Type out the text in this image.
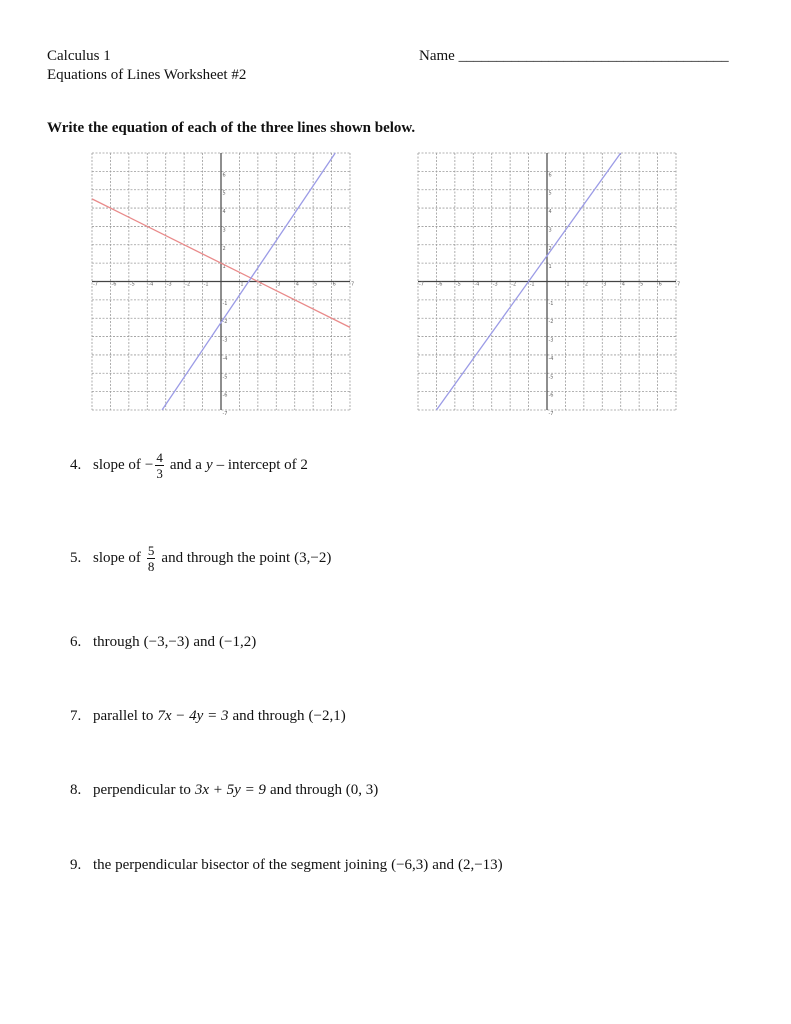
Calculus 1
Equations of Lines Worksheet #2
Name ____________________________________
Write the equation of each of the three lines shown below.
-7	-6	-5	-4	-3	-2	-1	1	2	3	4	5	6	7
6
5
4
3
2
1
-1
-2
-3
-4
-5
-6
-7
-7	-6	-5	-4	-3	-2	-1	1	2	3	4	5	6	7
6
5
4
3
2
1
-1
-2
-3
-4
-5
-6
-7
4. slope of − $\frac{4}{3}$ and a y – intercept of 2
5. slope of $\frac{5}{8}$ and through the point (3,−2)
6. through (−3,−3) and (−1,2)
7. parallel to 7x − 4y = 3 and through (−2,1)
8. perpendicular to 3x + 5y = 9 and through (0, 3)
9. the perpendicular bisector of the segment joining (−6,3) and (2,−13)
